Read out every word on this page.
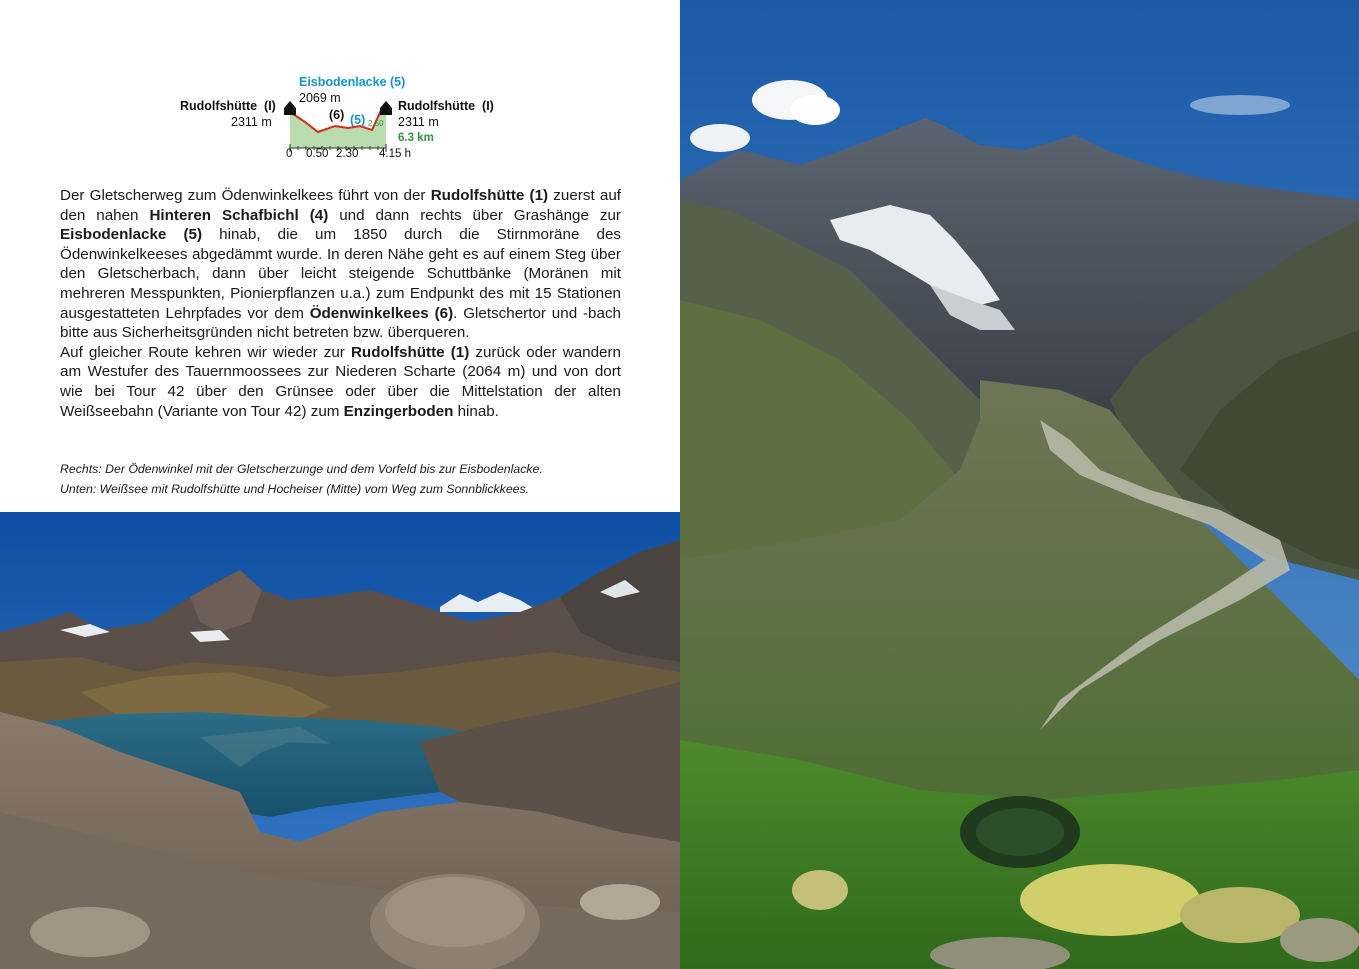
Eisbodenlacke (5)
2069 m
Rudolfshütte (I)
2311 m
Rudolfshütte (I)
2311 m
(6) (5) 2.50
6.3 km
0 0.50 2.30 4.15 h

Der Gletscherweg zum Ödenwinkelkees führt von der Rudolfshütte (1) zuerst auf den nahen Hinteren Schafbichl (4) und dann rechts über Grashänge zur Eisbodenlacke (5) hinab, die um 1850 durch die Stirnmoräne des Ödenwinkelkeeses abgedämmt wurde. In deren Nähe geht es auf einem Steg über den Gletscherbach, dann über leicht steigende Schuttbänke (Moränen mit mehreren Messpunkten, Pionierpflanzen u.a.) zum Endpunkt des mit 15 Stationen ausgestatteten Lehrpfades vor dem Ödenwinkelkees (6). Gletschertor und -bach bitte aus Sicherheitsgründen nicht betreten bzw. überqueren.

Auf gleicher Route kehren wir wieder zur Rudolfshütte (1) zurück oder wandern am Westufer des Tauernmoossees zur Niederen Scharte (2064 m) und von dort wie bei Tour 42 über den Grünsee oder über die Mittelstation der alten Weißseebahn (Variante von Tour 42) zum Enzingerboden hinab.

Rechts: Der Ödenwinkel mit der Gletscherzunge und dem Vorfeld bis zur Eisbodenlacke.
Unten: Weißsee mit Rudolfshütte und Hocheiser (Mitte) vom Weg zum Sonnblickkees.
